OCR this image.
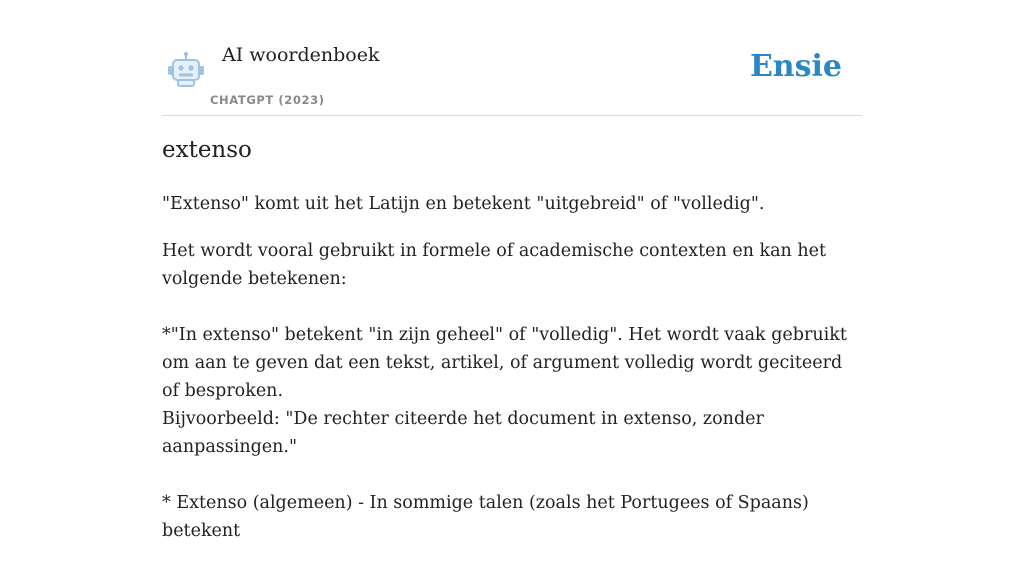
AI woordenboek
CHATGPT (2023)
Ensie
extenso

"Extenso" komt uit het Latijn en betekent "uitgebreid" of "volledig".

Het wordt vooral gebruikt in formele of academische contexten en kan het volgende betekenen:

*"In extenso" betekent "in zijn geheel" of "volledig". Het wordt vaak gebruikt om aan te geven dat een tekst, artikel, of argument volledig wordt geciteerd of besproken.
Bijvoorbeeld: "De rechter citeerde het document in extenso, zonder aanpassingen."

* Extenso (algemeen) - In sommige talen (zoals het Portugees of Spaans) betekent
